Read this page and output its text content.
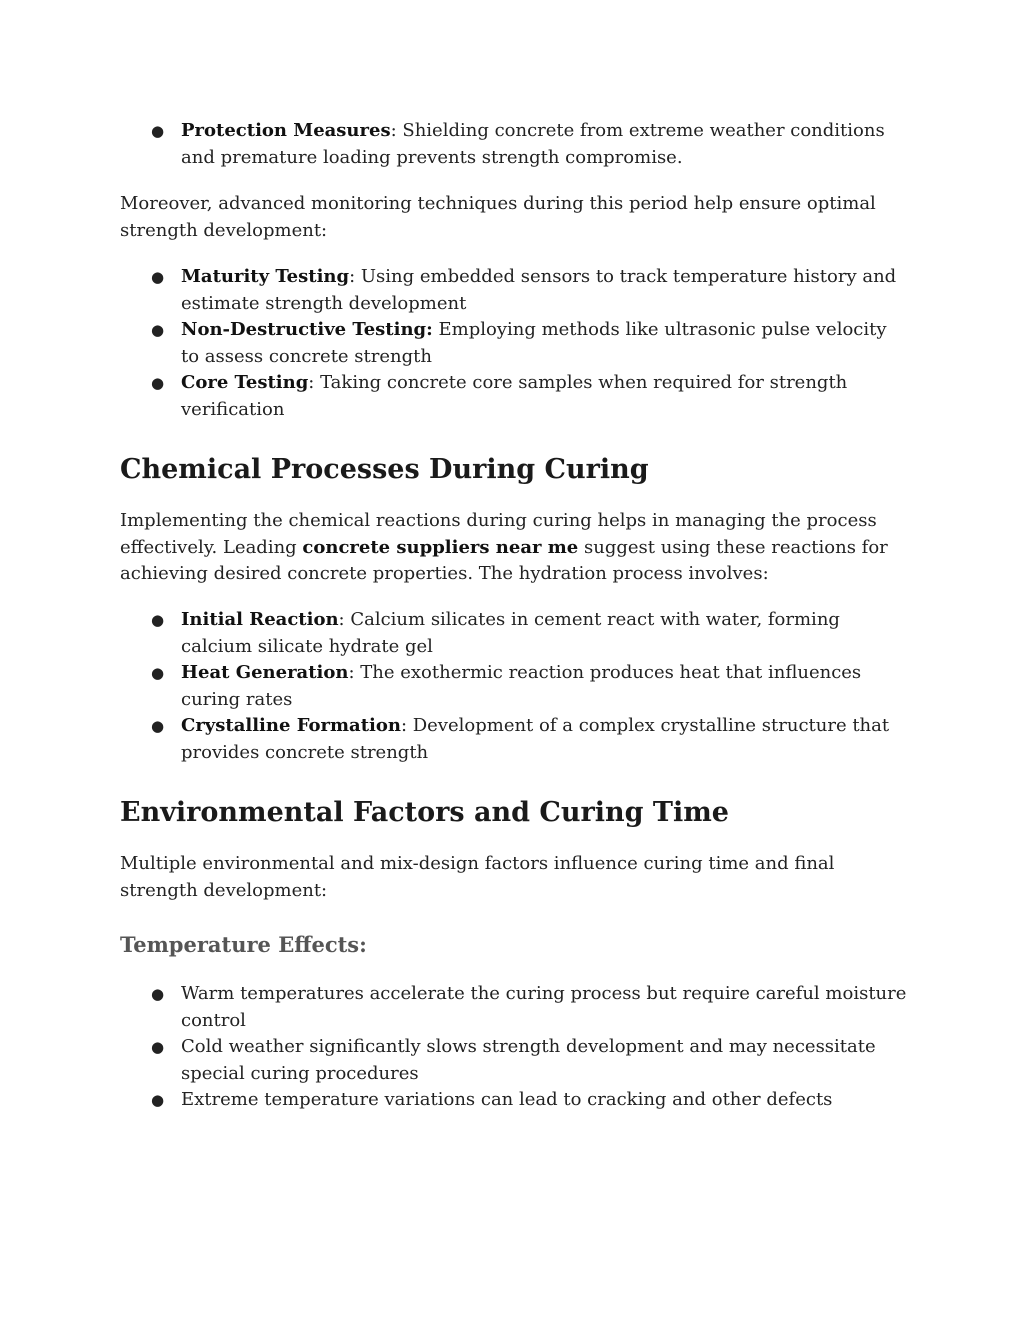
● Protection Measures: Shielding concrete from extreme weather conditions and premature loading prevents strength compromise.

Moreover, advanced monitoring techniques during this period help ensure optimal strength development:

● Maturity Testing: Using embedded sensors to track temperature history and estimate strength development
● Non-Destructive Testing: Employing methods like ultrasonic pulse velocity to assess concrete strength
● Core Testing: Taking concrete core samples when required for strength verification
Chemical Processes During Curing

Implementing the chemical reactions during curing helps in managing the process effectively. Leading concrete suppliers near me suggest using these reactions for achieving desired concrete properties. The hydration process involves:

● Initial Reaction: Calcium silicates in cement react with water, forming calcium silicate hydrate gel
● Heat Generation: The exothermic reaction produces heat that influences curing rates
● Crystalline Formation: Development of a complex crystalline structure that provides concrete strength
Environmental Factors and Curing Time

Multiple environmental and mix-design factors influence curing time and final strength development:

Temperature Effects:
● Warm temperatures accelerate the curing process but require careful moisture control
● Cold weather significantly slows strength development and may necessitate special curing procedures
● Extreme temperature variations can lead to cracking and other defects
